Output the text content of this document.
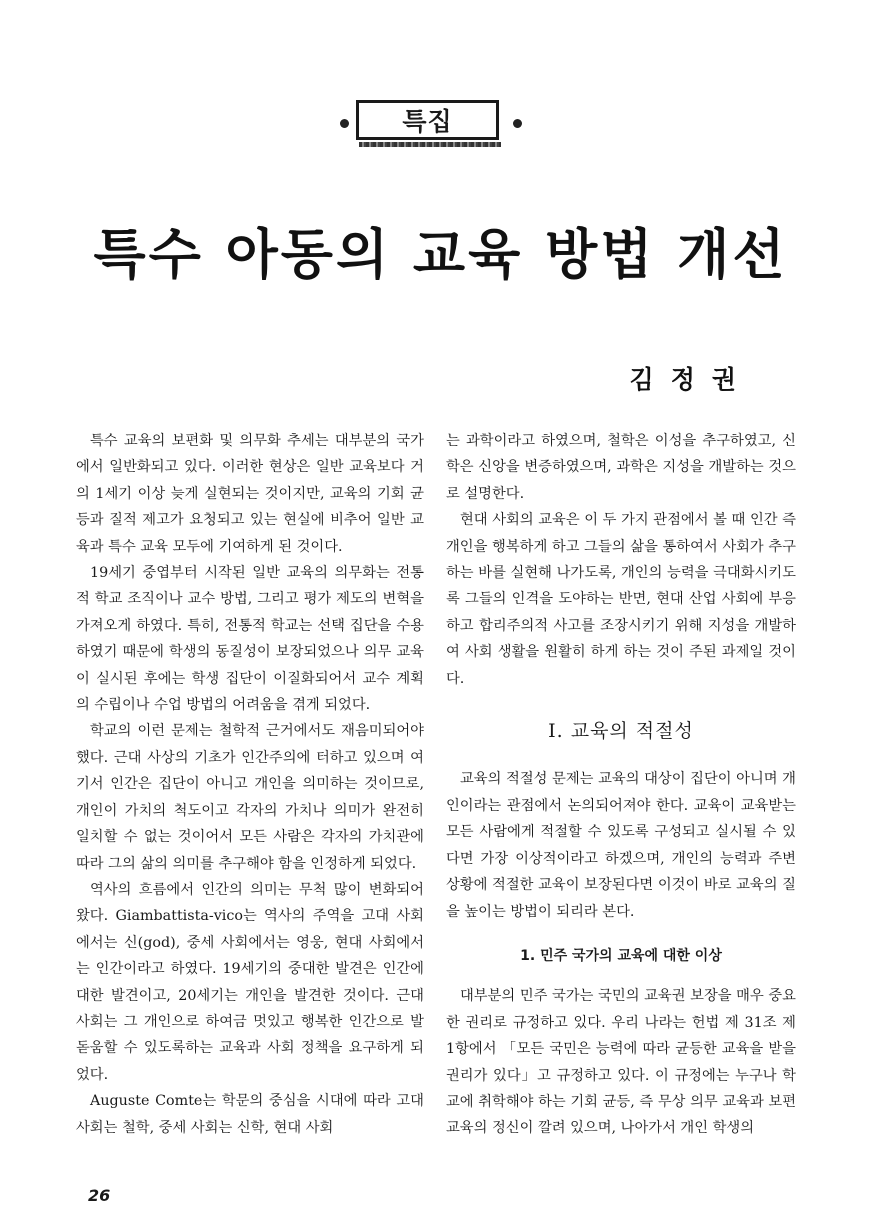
특집
특수 아동의 교육 방법 개선
김정권

특수 교육의 보편화 및 의무화 추세는 대부분의 국가에서 일반화되고 있다. 이러한 현상은 일반 교육보다 거의 1세기 이상 늦게 실현되는 것이지만, 교육의 기회 균등과 질적 제고가 요청되고 있는 현실에 비추어 일반 교육과 특수 교육 모두에 기여하게 된 것이다.

19세기 중엽부터 시작된 일반 교육의 의무화는 전통적 학교 조직이나 교수 방법, 그리고 평가 제도의 변혁을 가져오게 하였다. 특히, 전통적 학교는 선택 집단을 수용하였기 때문에 학생의 동질성이 보장되었으나 의무 교육이 실시된 후에는 학생 집단이 이질화되어서 교수 계획의 수립이나 수업 방법의 어려움을 겪게 되었다.

학교의 이런 문제는 철학적 근거에서도 재음미되어야 했다. 근대 사상의 기초가 인간주의에 터하고 있으며 여기서 인간은 집단이 아니고 개인을 의미하는 것이므로, 개인이 가치의 척도이고 각자의 가치나 의미가 완전히 일치할 수 없는 것이어서 모든 사람은 각자의 가치관에 따라 그의 삶의 의미를 추구해야 함을 인정하게 되었다.

역사의 흐름에서 인간의 의미는 무척 많이 변화되어 왔다. Giambattista-vico는 역사의 주역을 고대 사회에서는 신(god), 중세 사회에서는 영웅, 현대 사회에서는 인간이라고 하였다. 19세기의 중대한 발견은 인간에 대한 발견이고, 20세기는 개인을 발견한 것이다. 근대 사회는 그 개인으로 하여금 멋있고 행복한 인간으로 발돋움할 수 있도록하는 교육과 사회 정책을 요구하게 되었다.

Auguste Comte는 학문의 중심을 시대에 따라 고대 사회는 철학, 중세 사회는 신학, 현대 사회

는 과학이라고 하였으며, 철학은 이성을 추구하였고, 신학은 신앙을 변증하였으며, 과학은 지성을 개발하는 것으로 설명한다.

현대 사회의 교육은 이 두 가지 관점에서 볼 때 인간 즉 개인을 행복하게 하고 그들의 삶을 통하여서 사회가 추구하는 바를 실현해 나가도록, 개인의 능력을 극대화시키도록 그들의 인격을 도야하는 반면, 현대 산업 사회에 부응하고 합리주의적 사고를 조장시키기 위해 지성을 개발하여 사회 생활을 원활히 하게 하는 것이 주된 과제일 것이다.

Ⅰ. 교육의 적절성

교육의 적절성 문제는 교육의 대상이 집단이 아니며 개인이라는 관점에서 논의되어져야 한다. 교육이 교육받는 모든 사람에게 적절할 수 있도록 구성되고 실시될 수 있다면 가장 이상적이라고 하겠으며, 개인의 능력과 주변 상황에 적절한 교육이 보장된다면 이것이 바로 교육의 질을 높이는 방법이 되리라 본다.

1. 민주 국가의 교육에 대한 이상

대부분의 민주 국가는 국민의 교육권 보장을 매우 중요한 권리로 규정하고 있다. 우리 나라는 헌법 제 31조 제 1항에서 「모든 국민은 능력에 따라 균등한 교육을 받을 권리가 있다」고 규정하고 있다. 이 규정에는 누구나 학교에 취학해야 하는 기회 균등, 즉 무상 의무 교육과 보편 교육의 정신이 깔려 있으며, 나아가서 개인 학생의

26
